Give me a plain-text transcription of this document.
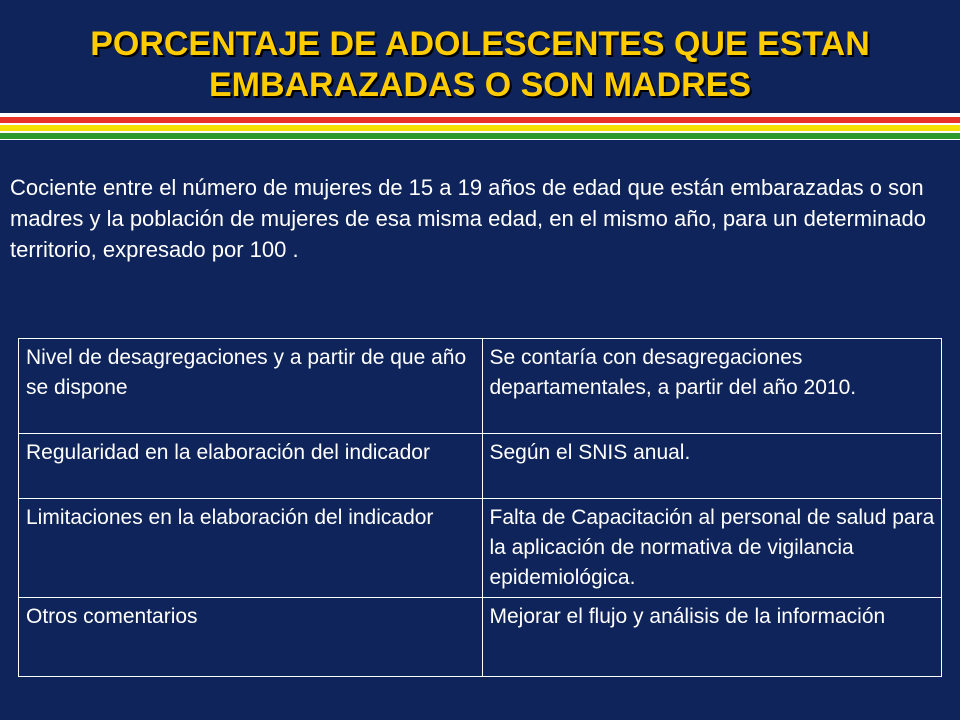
PORCENTAJE DE ADOLESCENTES QUE ESTAN
EMBARAZADAS O SON MADRES
Cociente entre el número de mujeres de 15 a 19 años de edad que están embarazadas o son madres y la población de mujeres de esa misma edad, en el mismo año, para un determinado territorio, expresado por 100 .
Nivel de desagregaciones y a partir de que año se dispone	Se contaría con desagregaciones departamentales, a partir del año 2010.
Regularidad en la elaboración del indicador	Según el SNIS anual.
Limitaciones en la elaboración del indicador	Falta de Capacitación al personal de salud para la aplicación de normativa de vigilancia epidemiológica.
Otros comentarios	Mejorar el flujo y análisis de la información
